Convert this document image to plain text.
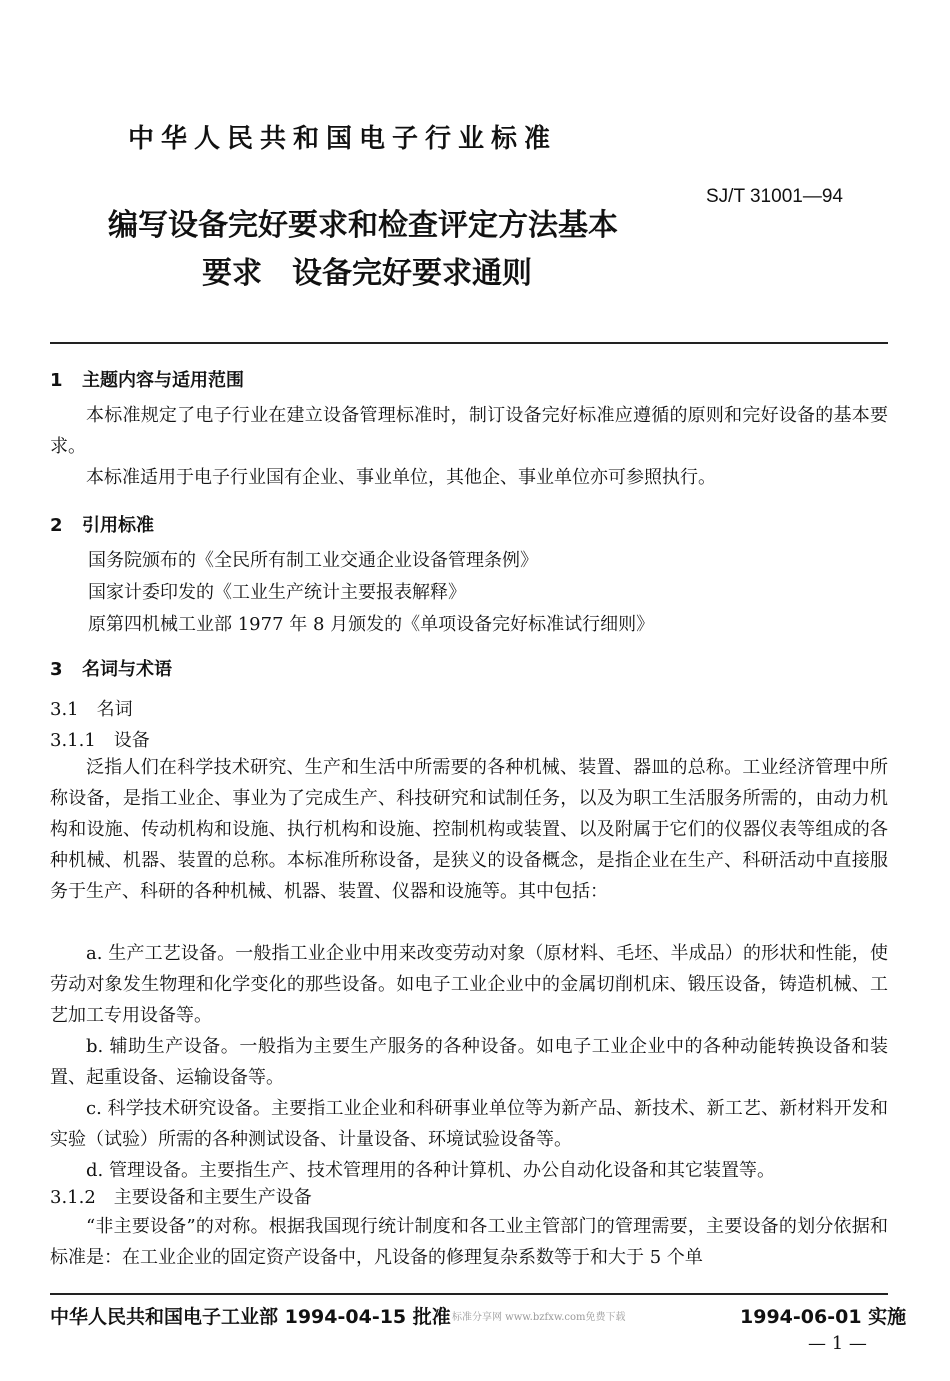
中华人民共和国电子行业标准
SJ/T 31001—94
编写设备完好要求和检查评定方法基本
要求　设备完好要求通则
1 主题内容与适用范围
本标准规定了电子行业在建立设备管理标准时，制订设备完好标准应遵循的原则和完好设备的基本要求。
本标准适用于电子行业国有企业、事业单位，其他企、事业单位亦可参照执行。
2 引用标准
国务院颁布的《全民所有制工业交通企业设备管理条例》
国家计委印发的《工业生产统计主要报表解释》
原第四机械工业部 1977 年 8 月颁发的《单项设备完好标准试行细则》
3 名词与术语
3.1　名词
3.1.1　设备
泛指人们在科学技术研究、生产和生活中所需要的各种机械、装置、器皿的总称。工业经济管理中所称设备，是指工业企、事业为了完成生产、科技研究和试制任务，以及为职工生活服务所需的，由动力机构和设施、传动机构和设施、执行机构和设施、控制机构或装置、以及附属于它们的仪器仪表等组成的各种机械、机器、装置的总称。本标准所称设备，是狭义的设备概念，是指企业在生产、科研活动中直接服务于生产、科研的各种机械、机器、装置、仪器和设施等。其中包括：
a. 生产工艺设备。一般指工业企业中用来改变劳动对象（原材料、毛坯、半成品）的形状和性能，使劳动对象发生物理和化学变化的那些设备。如电子工业企业中的金属切削机床、锻压设备，铸造机械、工艺加工专用设备等。
b. 辅助生产设备。一般指为主要生产服务的各种设备。如电子工业企业中的各种动能转换设备和装置、起重设备、运输设备等。
c. 科学技术研究设备。主要指工业企业和科研事业单位等为新产品、新技术、新工艺、新材料开发和实验（试验）所需的各种测试设备、计量设备、环境试验设备等。
d. 管理设备。主要指生产、技术管理用的各种计算机、办公自动化设备和其它装置等。
3.1.2　主要设备和主要生产设备
“非主要设备”的对称。根据我国现行统计制度和各工业主管部门的管理需要，主要设备的划分依据和标准是：在工业企业的固定资产设备中，凡设备的修理复杂系数等于和大于 5 个单
中华人民共和国电子工业部 1994-04-15 批准 标准分享网 www.bzfxw.com免费下载	1994-06-01 实施
— 1 —
